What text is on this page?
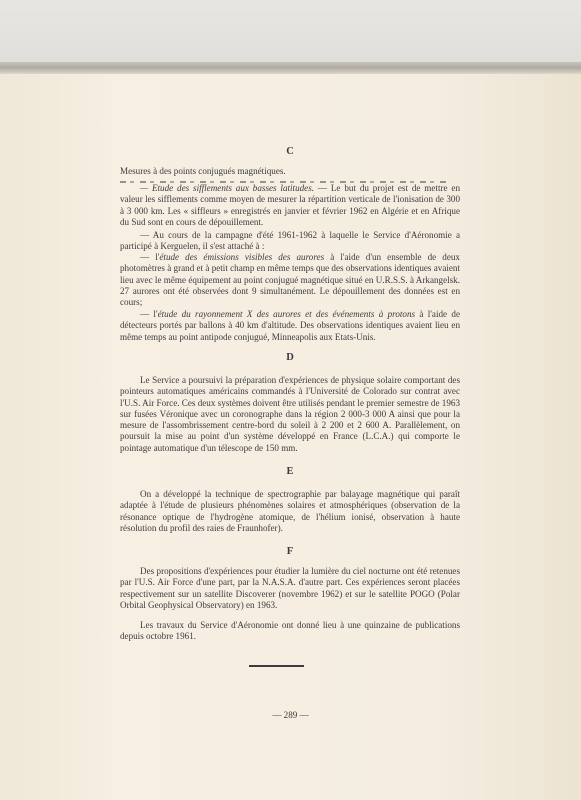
C
Mesures à des points conjugués magnétiques.
— Etude des sifflements aux basses latitudes. — Le but du projet est de mettre en valeur les sifflements comme moyen de mesurer la répartition verticale de l'ionisation de 300 à 3 000 km. Les « siffleurs » enregistrés en janvier et février 1962 en Algérie et en Afrique du Sud sont en cours de dépouillement.
— Au cours de la campagne d'été 1961-1962 à laquelle le Service d'Aéronomie a participé à Kerguelen, il s'est attaché à :
— l'étude des émissions visibles des aurores à l'aide d'un ensemble de deux photomètres à grand et à petit champ en même temps que des observations identiques avaient lieu avec le même équipement au point conjugué magnétique situé en U.R.S.S. à Arkangelsk. 27 aurores ont été observées dont 9 simultanément. Le dépouillement des données est en cours;
— l'étude du rayonnement X des aurores et des événements à protons à l'aide de détecteurs portés par ballons à 40 km d'altitude. Des observations identiques avaient lieu en même temps au point antipode conjugué, Minneapolis aux Etats-Unis.
D
Le Service a poursuivi la préparation d'expériences de physique solaire comportant des pointeurs automatiques américains commandés à l'Université de Colorado sur contrat avec l'U.S. Air Force. Ces deux systèmes doivent être utilisés pendant le premier semestre de 1963 sur fusées Véronique avec un coronographe dans la région 2 000-3 000 A ainsi que pour la mesure de l'assombrissement centre-bord du soleil à 2 200 et 2 600 A. Parallèlement, on poursuit la mise au point d'un système développé en France (L.C.A.) qui comporte le pointage automatique d'un télescope de 150 mm.
E
On a développé la technique de spectrographie par balayage magnétique qui paraît adaptée à l'étude de plusieurs phénomènes solaires et atmosphériques (observation de la résonance optique de l'hydrogène atomique, de l'hélium ionisé, observation à haute résolution du profil des raies de Fraunhofer).
F
Des propositions d'expériences pour étudier la lumière du ciel nocturne ont été retenues par l'U.S. Air Force d'une part, par la N.A.S.A. d'autre part. Ces expériences seront placées respectivement sur un satellite Discoverer (novembre 1962) et sur le satellite POGO (Polar Orbital Geophysical Observatory) en 1963.
Les travaux du Service d'Aéronomie ont donné lieu à une quinzaine de publications depuis octobre 1961.
— 289 —
